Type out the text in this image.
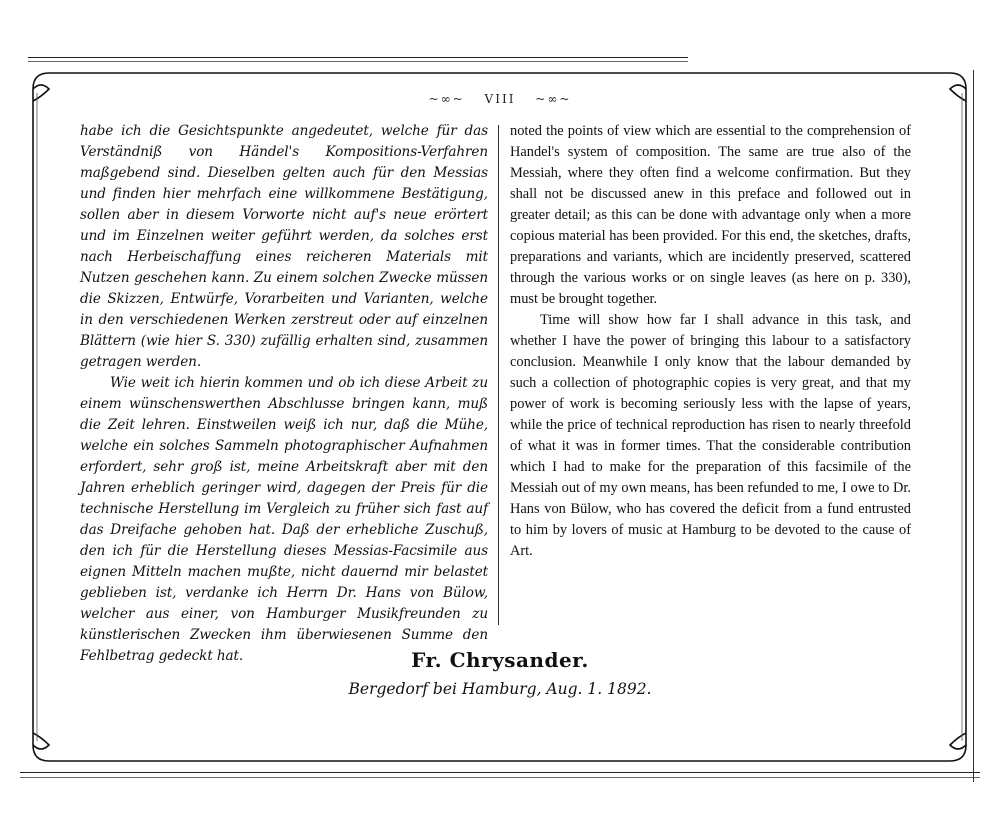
~∞~ VIII ~∞~

habe ich die Gesichtspunkte angedeutet, welche für das Verständniß von Händel's Kompositions-Verfahren maßgebend sind. Dieselben gelten auch für den Messias und finden hier mehrfach eine willkommene Bestätigung, sollen aber in diesem Vorworte nicht auf's neue erörtert und im Einzelnen weiter geführt werden, da solches erst nach Herbeischaffung eines reicheren Materials mit Nutzen geschehen kann. Zu einem solchen Zwecke müssen die Skizzen, Entwürfe, Vorarbeiten und Varianten, welche in den verschiedenen Werken zerstreut oder auf einzelnen Blättern (wie hier S. 330) zufällig erhalten sind, zusammen getragen werden.

Wie weit ich hierin kommen und ob ich diese Arbeit zu einem wünschenswerthen Abschlusse bringen kann, muß die Zeit lehren. Einstweilen weiß ich nur, daß die Mühe, welche ein solches Sammeln photographischer Aufnahmen erfordert, sehr groß ist, meine Arbeitskraft aber mit den Jahren erheblich geringer wird, dagegen der Preis für die technische Herstellung im Vergleich zu früher sich fast auf das Dreifache gehoben hat. Daß der erhebliche Zuschuß, den ich für die Herstellung dieses Messias-Facsimile aus eignen Mitteln machen mußte, nicht dauernd mir belastet geblieben ist, verdanke ich Herrn Dr. Hans von Bülow, welcher aus einer, von Hamburger Musikfreunden zu künstlerischen Zwecken ihm überwiesenen Summe den Fehlbetrag gedeckt hat.

noted the points of view which are essential to the comprehension of Handel's system of composition. The same are true also of the Messiah, where they often find a welcome confirmation. But they shall not be discussed anew in this preface and followed out in greater detail; as this can be done with advantage only when a more copious material has been provided. For this end, the sketches, drafts, preparations and variants, which are incidently preserved, scattered through the various works or on single leaves (as here on p. 330), must be brought together.

Time will show how far I shall advance in this task, and whether I have the power of bringing this labour to a satisfactory conclusion. Meanwhile I only know that the labour demanded by such a collection of photographic copies is very great, and that my power of work is becoming seriously less with the lapse of years, while the price of technical reproduction has risen to nearly threefold of what it was in former times. That the considerable contribution which I had to make for the preparation of this facsimile of the Messiah out of my own means, has been refunded to me, I owe to Dr. Hans von Bülow, who has covered the deficit from a fund entrusted to him by lovers of music at Hamburg to be devoted to the cause of Art.

Fr. Chrysander.
Bergedorf bei Hamburg, Aug. 1. 1892.
